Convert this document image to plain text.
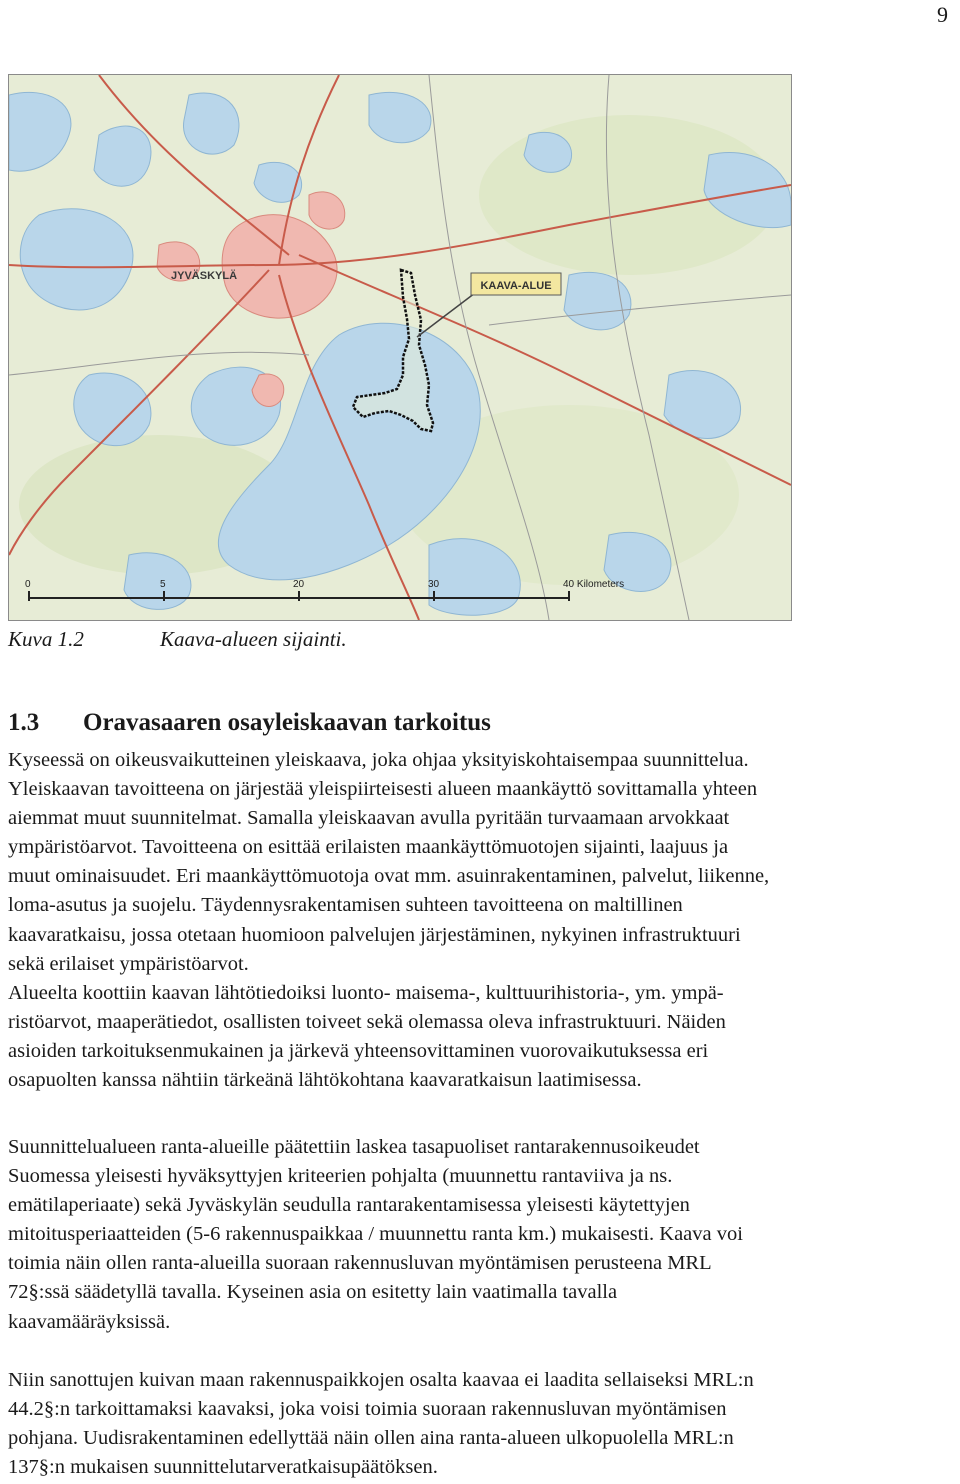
9
JYVÄSKYLÄ
KAAVA-ALUE
0	5	20	30	40 Kilometers
Kuva 1.2	Kaava-alueen sijainti.
1.3 Oravasaaren osayleiskaavan tarkoitus

Kyseessä on oikeusvaikutteinen yleiskaava, joka ohjaa yksityiskohtaisempaa suunnittelua.
Yleiskaavan tavoitteena on järjestää yleispiirteisesti alueen maankäyttö sovittamalla yhteen
aiemmat muut suunnitelmat. Samalla yleiskaavan avulla pyritään turvaamaan arvokkaat
ympäristöarvot. Tavoitteena on esittää erilaisten maankäyttömuotojen sijainti, laajuus ja
muut ominaisuudet. Eri maankäyttömuotoja ovat mm. asuinrakentaminen, palvelut, liikenne,
loma-asutus ja suojelu. Täydennysrakentamisen suhteen tavoitteena on maltillinen
kaavaratkaisu, jossa otetaan huomioon palvelujen järjestäminen, nykyinen infrastruktuuri
sekä erilaiset ympäristöarvot.
Alueelta koottiin kaavan lähtötiedoiksi luonto- maisema-, kulttuurihistoria-, ym. ympä-
ristöarvot, maaperätiedot, osallisten toiveet sekä olemassa oleva infrastruktuuri. Näiden
asioiden tarkoituksenmukainen ja järkevä yhteensovittaminen vuorovaikutuksessa eri
osapuolten kanssa nähtiin tärkeänä lähtökohtana kaavaratkaisun laatimisessa.

Suunnittelualueen ranta-alueille päätettiin laskea tasapuoliset rantarakennusoikeudet
Suomessa yleisesti hyväksyttyjen kriteerien pohjalta (muunnettu rantaviiva ja ns.
emätilaperiaate) sekä Jyväskylän seudulla rantarakentamisessa yleisesti käytettyjen
mitoitusperiaatteiden (5-6 rakennuspaikkaa / muunnettu ranta km.) mukaisesti. Kaava voi
toimia näin ollen ranta-alueilla suoraan rakennusluvan myöntämisen perusteena MRL
72§:ssä säädetyllä tavalla. Kyseinen asia on esitetty lain vaatimalla tavalla
kaavamääräyksissä.

Niin sanottujen kuivan maan rakennuspaikkojen osalta kaavaa ei laadita sellaiseksi MRL:n
44.2§:n tarkoittamaksi kaavaksi, joka voisi toimia suoraan rakennusluvan myöntämisen
pohjana. Uudisrakentaminen edellyttää näin ollen aina ranta-alueen ulkopuolella MRL:n
137§:n mukaisen suunnittelutarveratkaisupäätöksen.
